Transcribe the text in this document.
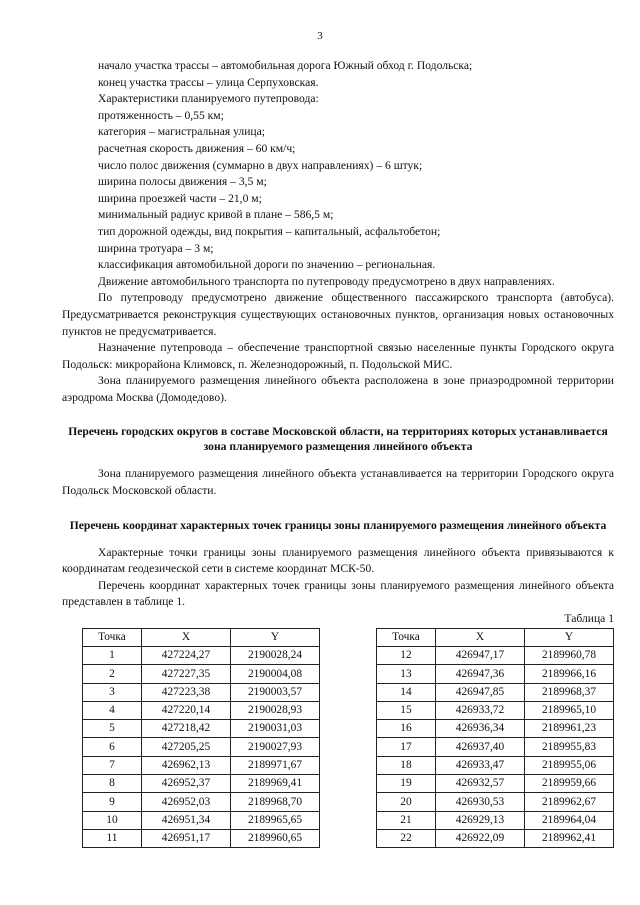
3

начало участка трассы – автомобильная дорога Южный обход г. Подольска;

конец участка трассы – улица Серпуховская.

Характеристики планируемого путепровода:

протяженность – 0,55 км;

категория – магистральная улица;

расчетная скорость движения – 60 км/ч;

число полос движения (суммарно в двух направлениях) – 6 штук;

ширина полосы движения – 3,5 м;

ширина проезжей части – 21,0 м;

минимальный радиус кривой в плане – 586,5 м;

тип дорожной одежды, вид покрытия – капитальный, асфальтобетон;

ширина тротуара – 3 м;

классификация автомобильной дороги по значению – региональная.

Движение автомобильного транспорта по путепроводу предусмотрено в двух направлениях.

По путепроводу предусмотрено движение общественного пассажирского транспорта (автобуса). Предусматривается реконструкция существующих остановочных пунктов, организация новых остановочных пунктов не предусматривается.

Назначение путепровода – обеспечение транспортной связью населенные пункты Городского округа Подольск: микрорайона Климовск, п. Железнодорожный, п. Подольской МИС.

Зона планируемого размещения линейного объекта расположена в зоне приаэродромной территории аэродрома Москва (Домодедово).

Перечень городских округов в составе Московской области, на территориях которых устанавливается зона планируемого размещения линейного объекта

Зона планируемого размещения линейного объекта устанавливается на территории Городского округа Подольск Московской области.

Перечень координат характерных точек границы зоны планируемого размещения линейного объекта

Характерные точки границы зоны планируемого размещения линейного объекта привязываются к координатам геодезической сети в системе координат МСК-50.

Перечень координат характерных точек границы зоны планируемого размещения линейного объекта представлен в таблице 1.

Таблица 1

Точка	X	Y
1	427224,27	2190028,24
2	427227,35	2190004,08
3	427223,38	2190003,57
4	427220,14	2190028,93
5	427218,42	2190031,03
6	427205,25	2190027,93
7	426962,13	2189971,67
8	426952,37	2189969,41
9	426952,03	2189968,70
10	426951,34	2189965,65
11	426951,17	2189960,65
Точка	X	Y
12	426947,17	2189960,78
13	426947,36	2189966,16
14	426947,85	2189968,37
15	426933,72	2189965,10
16	426936,34	2189961,23
17	426937,40	2189955,83
18	426933,47	2189955,06
19	426932,57	2189959,66
20	426930,53	2189962,67
21	426929,13	2189964,04
22	426922,09	2189962,41
